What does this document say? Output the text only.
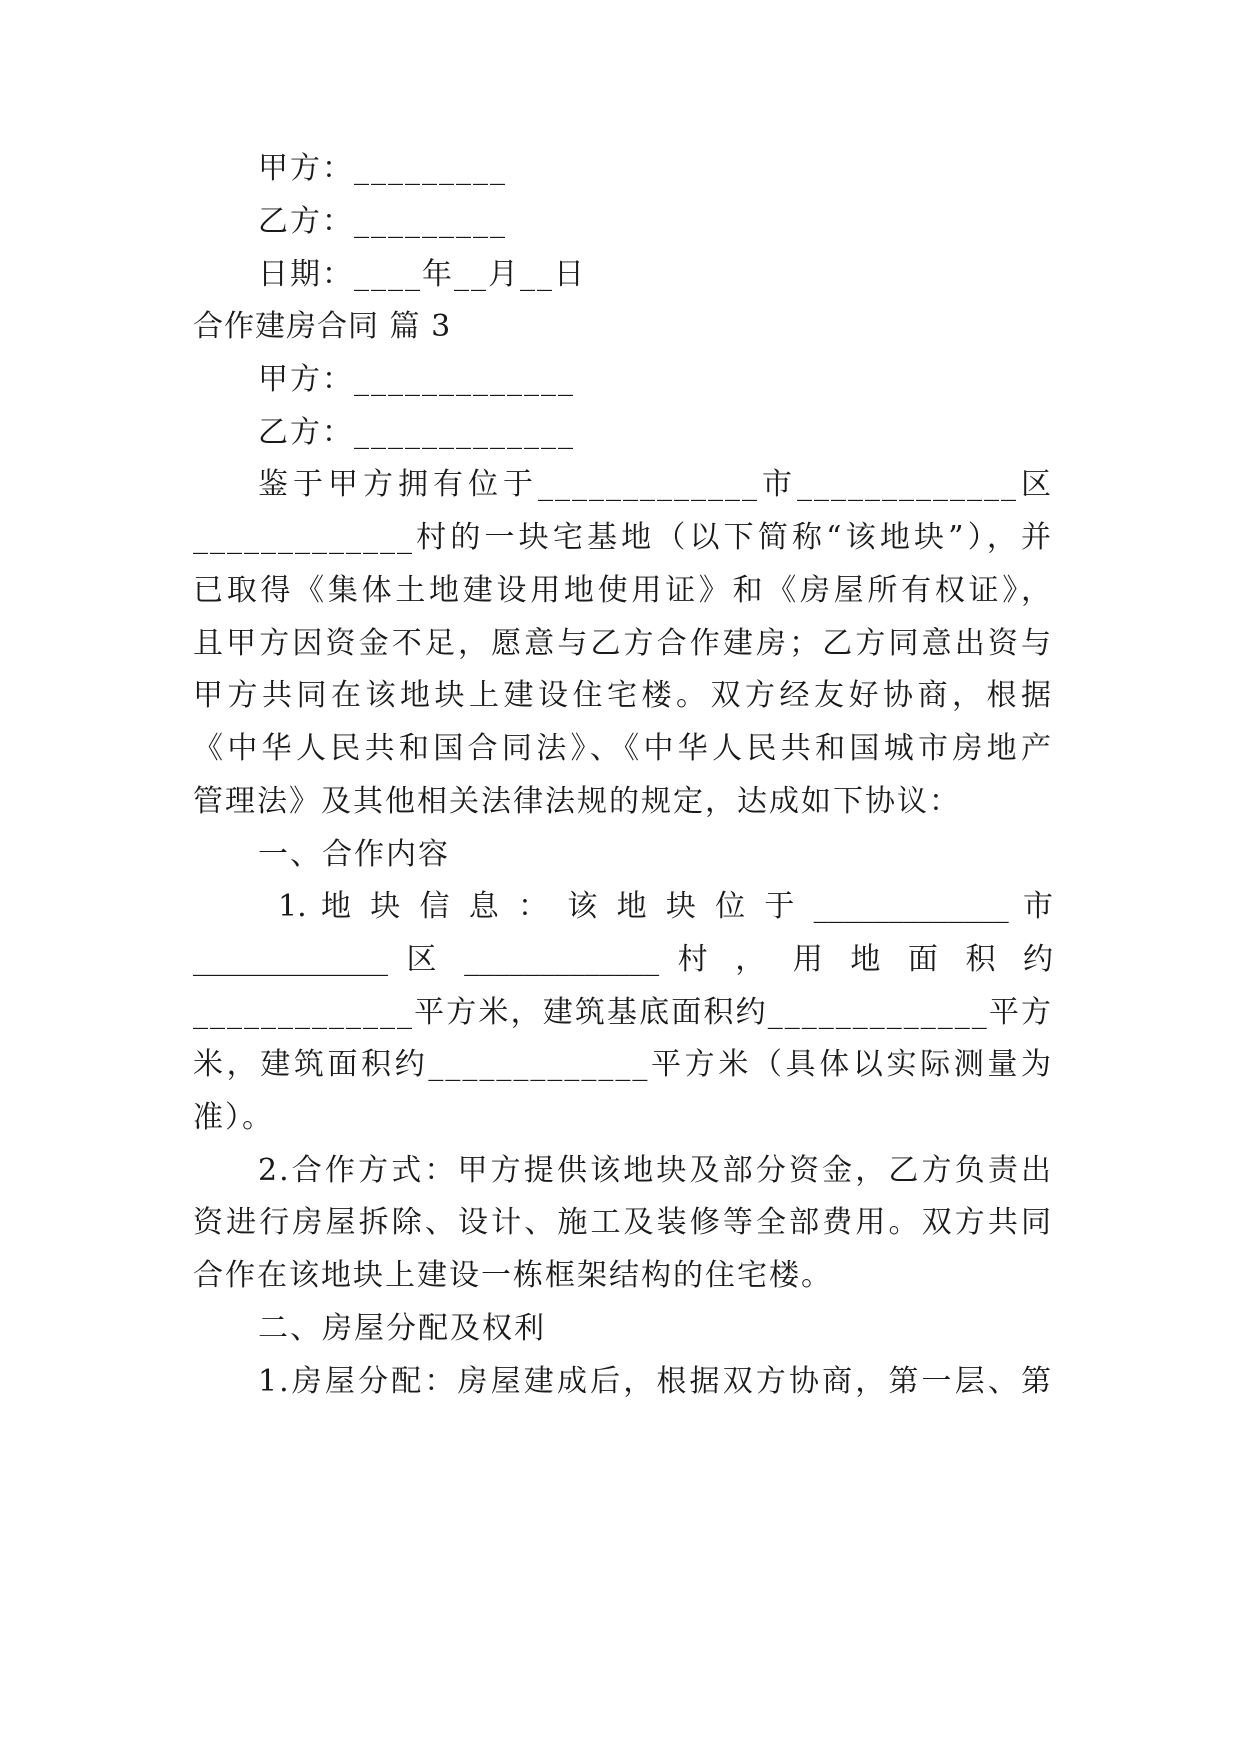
甲方：_________
乙方：_________
日期：____年__月__日
合作建房合同 篇 3
甲方：_____________
乙方：_____________
鉴于甲方拥有位于_____________市_____________区
_____________村的一块宅基地（以下简称“该地块”），并
已取得《集体土地建设用地使用证》和《房屋所有权证》，
且甲方因资金不足，愿意与乙方合作建房；乙方同意出资与
甲方共同在该地块上建设住宅楼。双方经友好协商，根据
《中华人民共和国合同法》、《中华人民共和国城市房地产
管理法》及其他相关法律法规的规定，达成如下协议：
一、合作内容
1. 地 块 信 息 ： 该 地 块 位 于 _____________ 市
_____________ 区 _____________ 村 ， 用 地 面 积 约
_____________平方米，建筑基底面积约_____________平方
米，建筑面积约_____________平方米（具体以实际测量为
准）。
2.合作方式：甲方提供该地块及部分资金，乙方负责出
资进行房屋拆除、设计、施工及装修等全部费用。双方共同
合作在该地块上建设一栋框架结构的住宅楼。
二、房屋分配及权利
1.房屋分配：房屋建成后，根据双方协商，第一层、第
